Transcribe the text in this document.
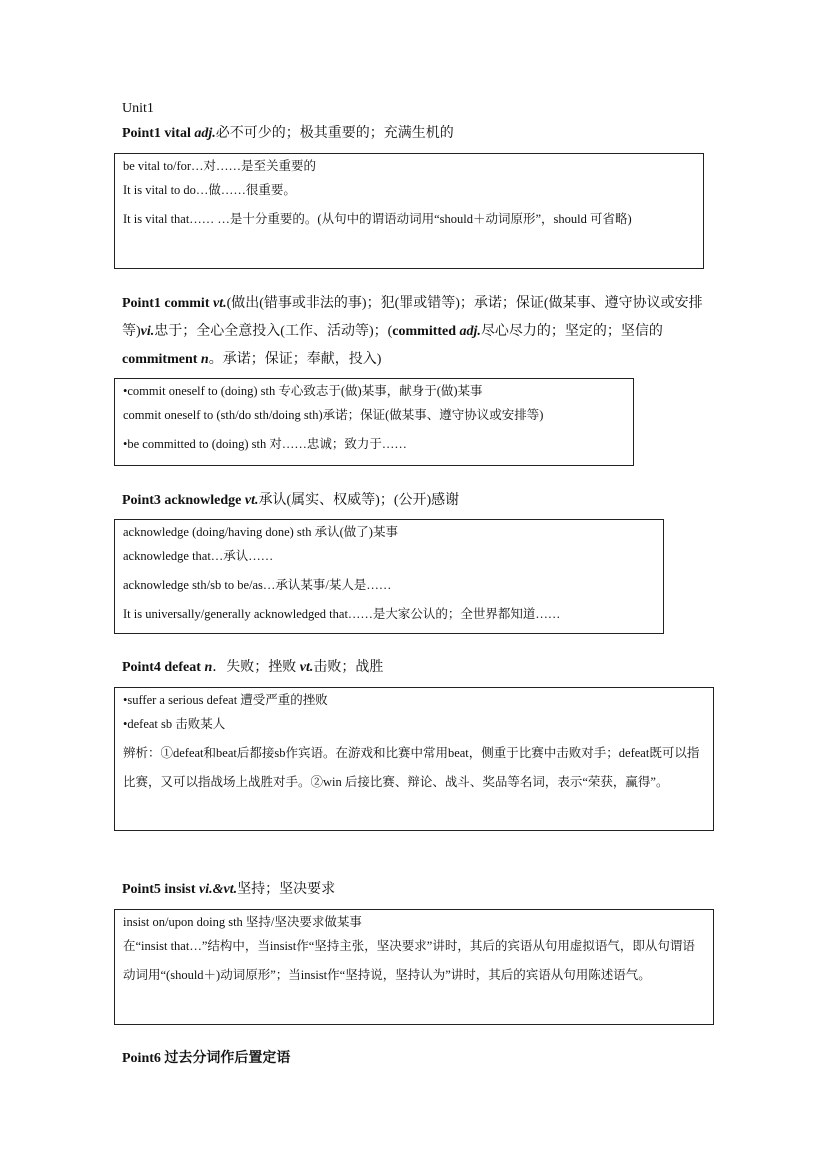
Unit1
Point1 vital adj.必不可少的；极其重要的；充满生机的

be vital to/for…对……是至关重要的

It is vital to do…做……很重要。

It is vital that…… …是十分重要的。(从句中的谓语动词用“should＋动词原形”，should 可省略)

Point1 commit vt.(做出(错事或非法的事)；犯(罪或错等)；承诺；保证(做某事、遵守协议或安排等)vi.忠于；全心全意投入(工作、活动等)；(committed adj.尽心尽力的；坚定的；坚信的 commitment n。承诺；保证；奉献，投入)

•commit oneself to (doing) sth 专心致志于(做)某事，献身于(做)某事

commit oneself to (sth/do sth/doing sth)承诺；保证(做某事、遵守协议或安排等)

•be committed to (doing) sth 对……忠诚；致力于……

Point3 acknowledge vt.承认(属实、权威等)；(公开)感谢

acknowledge (doing/having done) sth 承认(做了)某事

acknowledge that…承认……

acknowledge sth/sb to be/as…承认某事/某人是……

It is universally/generally acknowledged that……是大家公认的；全世界都知道……

Point4 defeat n．失败；挫败 vt.击败；战胜

•suffer a serious defeat 遭受严重的挫败

•defeat sb 击败某人

辨析：①defeat和beat后都接sb作宾语。在游戏和比赛中常用beat，侧重于比赛中击败对手；defeat既可以指比赛，又可以指战场上战胜对手。②win 后接比赛、辩论、战斗、奖品等名词，表示“荣获，赢得”。

Point5 insist vi.&vt.坚持；坚决要求

insist on/upon doing sth 坚持/坚决要求做某事

在“insist that…”结构中，当insist作“坚持主张，坚决要求”讲时，其后的宾语从句用虚拟语气，即从句谓语动词用“(should＋)动词原形”；当insist作“坚持说，坚持认为”讲时，其后的宾语从句用陈述语气。

Point6 过去分词作后置定语
